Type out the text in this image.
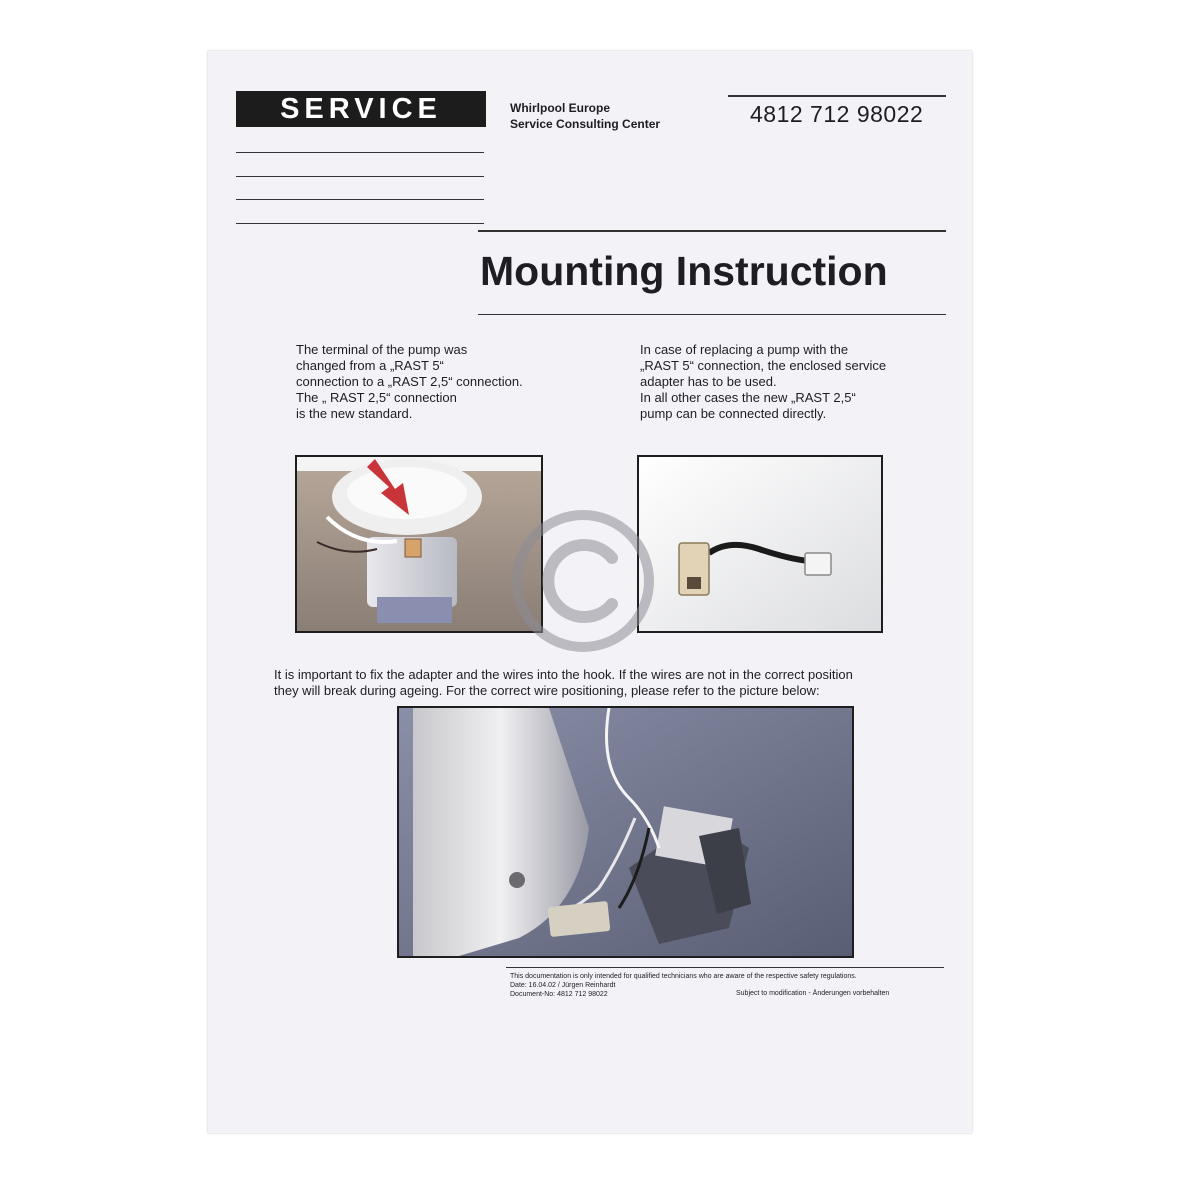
SERVICE	Whirlpool Europe
Service Consulting Center	4812 712 98022
Mounting Instruction
The terminal of the pump was
changed from a „RAST 5“
connection to a „RAST 2,5“ connection.
The „ RAST 2,5“ connection
is the new standard.
In case of replacing a pump with the
„RAST 5“ connection, the enclosed service
adapter has to be used.
In all other cases the new „RAST 2,5“
pump can be connected directly.
It is important to fix the adapter and the wires into the hook. If the wires are not in the correct position
they will break during ageing. For the correct wire positioning, please refer to the picture below:
This documentation is only intended for qualified technicians who are aware of the respective safety regulations.
Date: 16.04.02 / Jürgen Reinhardt
Document-No: 4812 712 98022	Subject to modification - Änderungen vorbehalten
